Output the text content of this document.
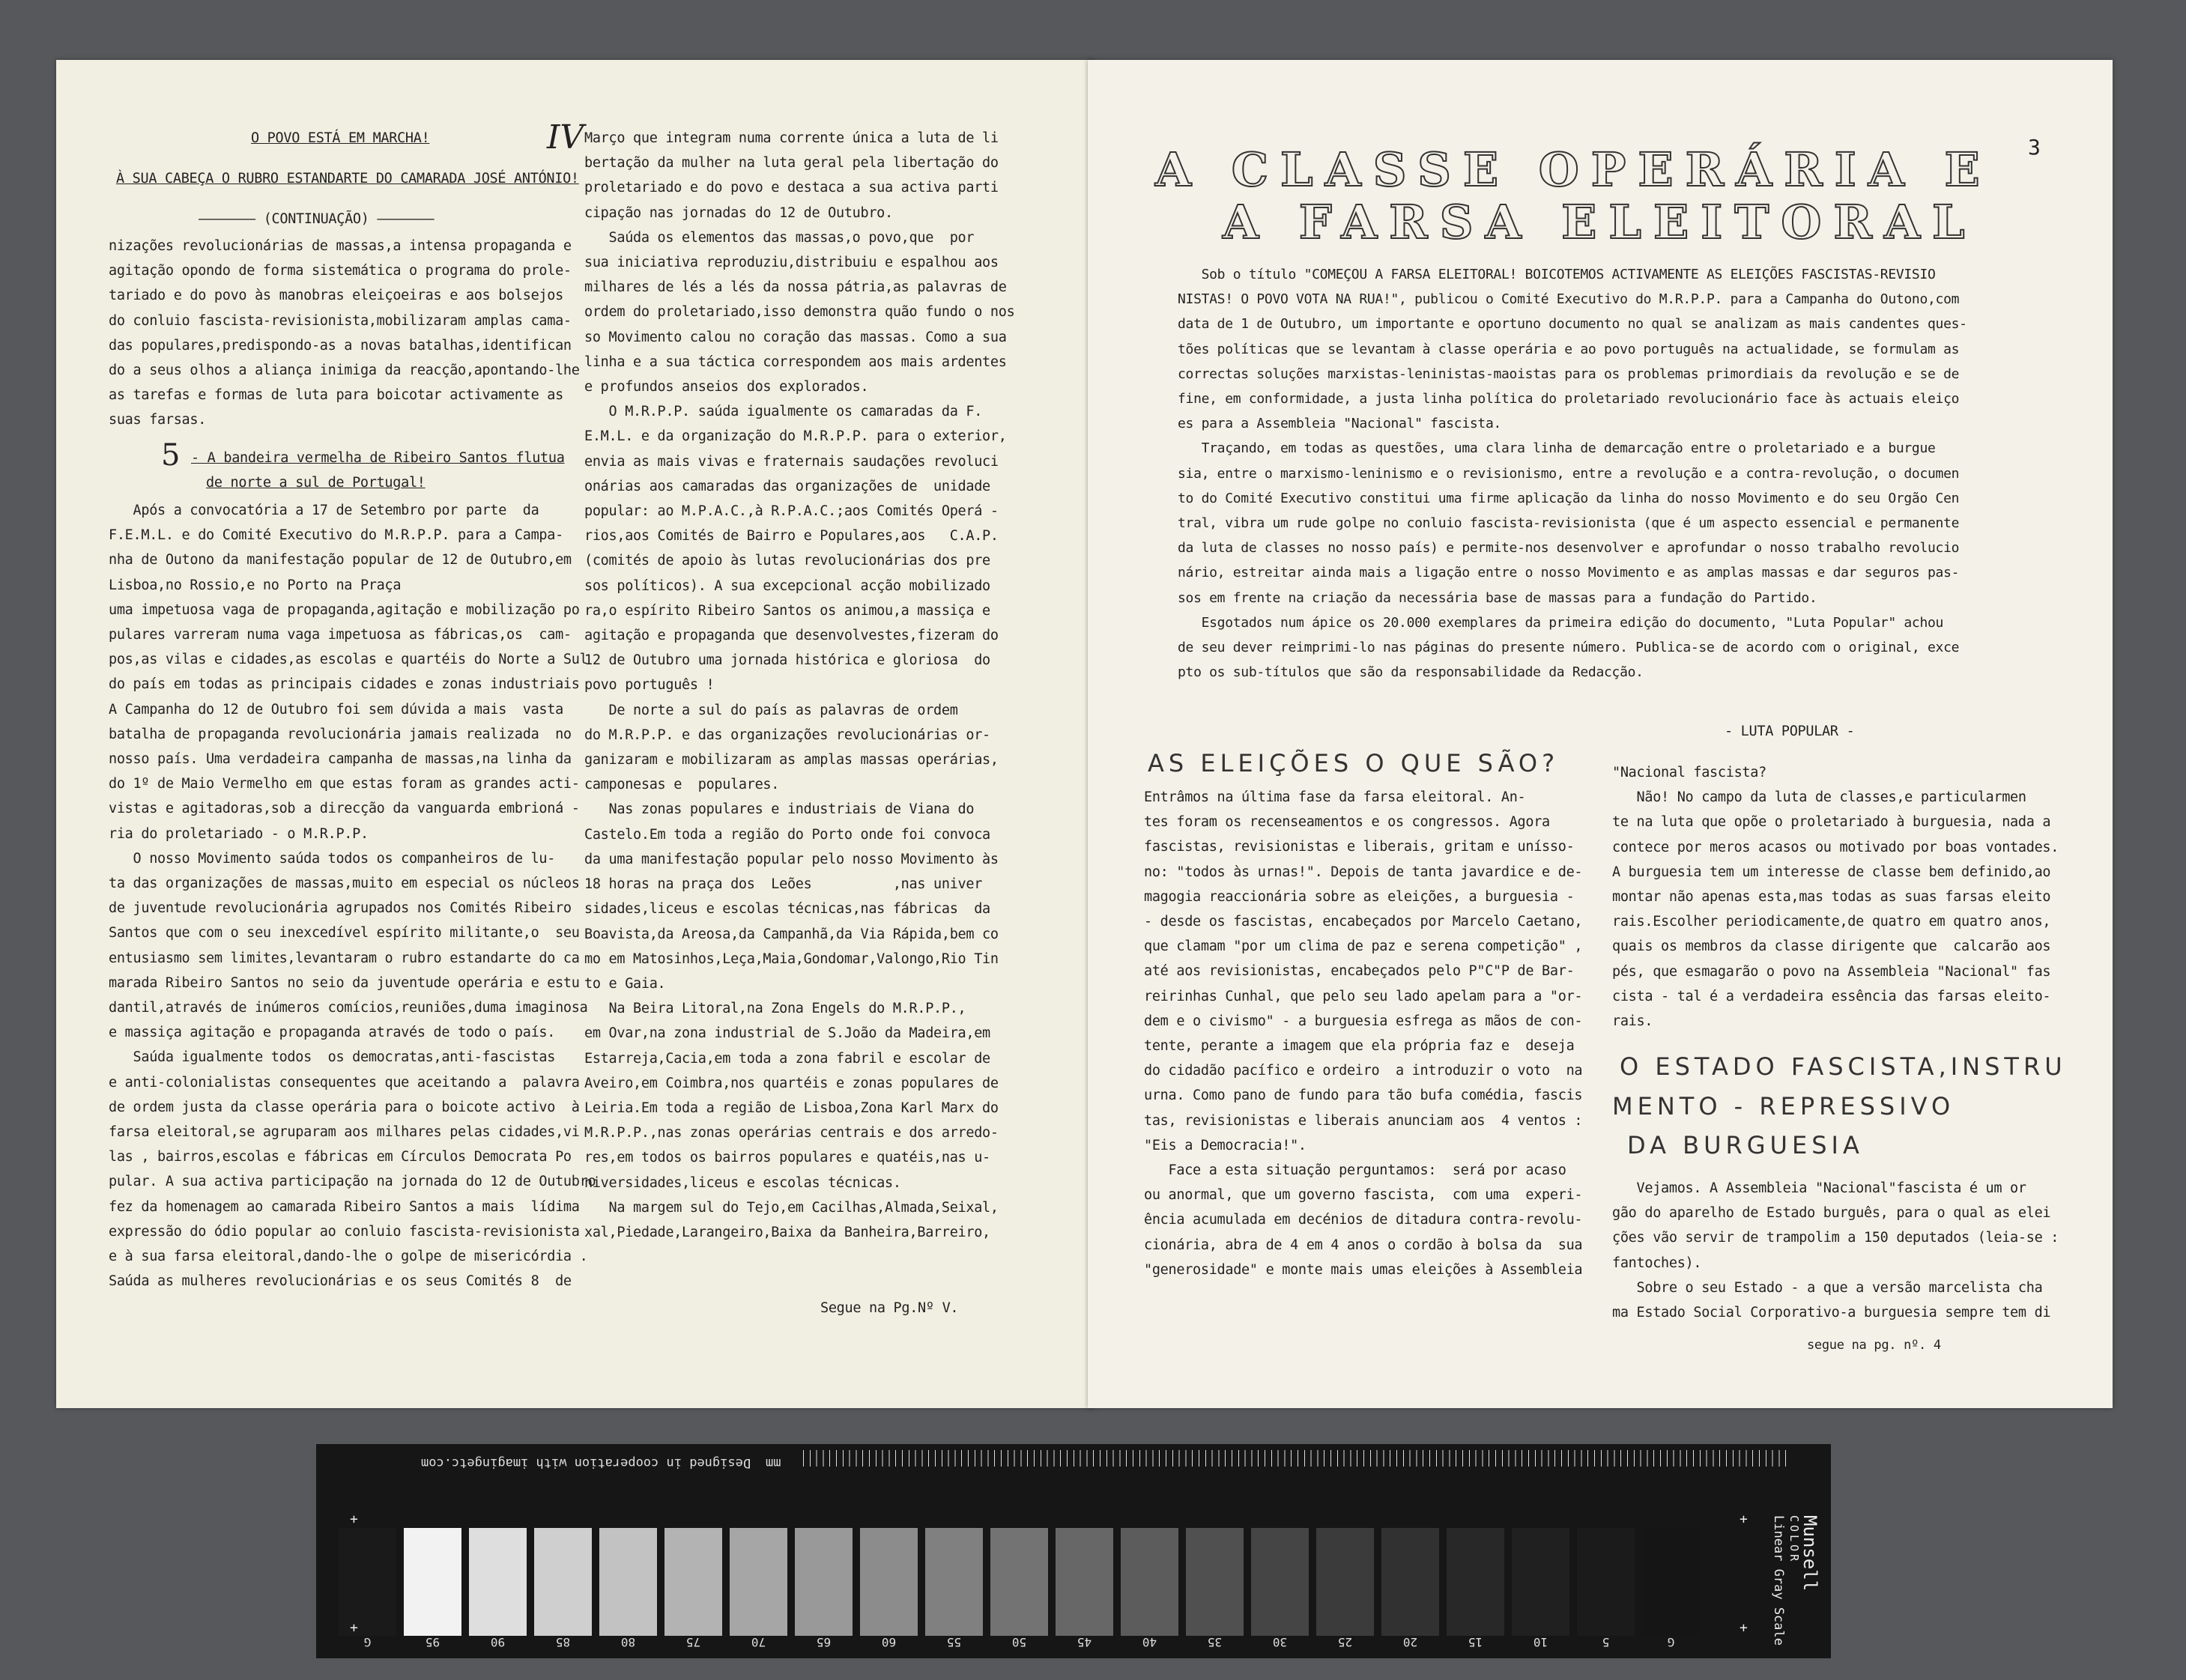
O POVO ESTÁ EM MARCHA!

À SUA CABEÇA O RUBRO ESTANDARTE DO CAMARADA JOSÉ ANTÓNIO!

——————— (CONTINUAÇÃO) ———————

nizações revolucionárias de massas,a intensa propaganda e

agitação opondo de forma sistemática o programa do prole-

tariado e do povo às manobras eleiçoeiras e aos bolsejos

do conluio fascista-revisionista,mobilizaram amplas cama-

das populares,predispondo-as a novas batalhas,identifican

do a seus olhos a aliança inimiga da reacção,apontando-lhe

as tarefas e formas de luta para boicotar activamente as

suas farsas.

5 - A bandeira vermelha de Ribeiro Santos flutua

de norte a sul de Portugal!

Após a convocatória a 17 de Setembro por parte  da

F.E.M.L. e do Comité Executivo do M.R.P.P. para a Campa-

nha de Outono da manifestação popular de 12 de Outubro,em

Lisboa,no Rossio,e no Porto na Praça

uma impetuosa vaga de propaganda,agitação e mobilização po

pulares varreram numa vaga impetuosa as fábricas,os  cam-

pos,as vilas e cidades,as escolas e quartéis do Norte a Sul

do país em todas as principais cidades e zonas industriais

A Campanha do 12 de Outubro foi sem dúvida a mais  vasta

batalha de propaganda revolucionária jamais realizada  no

nosso país. Uma verdadeira campanha de massas,na linha da

do 1º de Maio Vermelho em que estas foram as grandes acti-

vistas e agitadoras,sob a direcção da vanguarda embrioná -

ria do proletariado - o M.R.P.P.

O nosso Movimento saúda todos os companheiros de lu-

ta das organizações de massas,muito em especial os núcleos

de juventude revolucionária agrupados nos Comités Ribeiro

Santos que com o seu inexcedível espírito militante,o  seu

entusiasmo sem limites,levantaram o rubro estandarte do ca

marada Ribeiro Santos no seio da juventude operária e estu

dantil,através de inúmeros comícios,reuniões,duma imaginosa

e massiça agitação e propaganda através de todo o país.

Saúda igualmente todos  os democratas,anti-fascistas

e anti-colonialistas consequentes que aceitando a  palavra

de ordem justa da classe operária para o boicote activo  à

farsa eleitoral,se agruparam aos milhares pelas cidades,vi

las , bairros,escolas e fábricas em Círculos Democrata Po

pular. A sua activa participação na jornada do 12 de Outubro

fez da homenagem ao camarada Ribeiro Santos a mais  lídima

expressão do ódio popular ao conluio fascista-revisionista

e à sua farsa eleitoral,dando-lhe o golpe de misericórdia .

Saúda as mulheres revolucionárias e os seus Comités 8  de

IV Março que integram numa corrente única a luta de li

bertação da mulher na luta geral pela libertação do

proletariado e do povo e destaca a sua activa parti

cipação nas jornadas do 12 de Outubro.

Saúda os elementos das massas,o povo,que  por

sua iniciativa reproduziu,distribuiu e espalhou aos

milhares de lés a lés da nossa pátria,as palavras de

ordem do proletariado,isso demonstra quão fundo o nos

so Movimento calou no coração das massas. Como a sua

linha e a sua táctica correspondem aos mais ardentes

e profundos anseios dos explorados.

O M.R.P.P. saúda igualmente os camaradas da F.

E.M.L. e da organização do M.R.P.P. para o exterior,

envia as mais vivas e fraternais saudações revoluci

onárias aos camaradas das organizações de  unidade

popular: ao M.P.A.C.,à R.P.A.C.;aos Comités Operá -

rios,aos Comités de Bairro e Populares,aos   C.A.P.

(comités de apoio às lutas revolucionárias dos pre

sos políticos). A sua excepcional acção mobilizado

ra,o espírito Ribeiro Santos os animou,a massiça e

agitação e propaganda que desenvolvestes,fizeram do

12 de Outubro uma jornada histórica e gloriosa  do

povo português !

De norte a sul do país as palavras de ordem

do M.R.P.P. e das organizações revolucionárias or-

ganizaram e mobilizaram as amplas massas operárias,

camponesas e  populares.

Nas zonas populares e industriais de Viana do

Castelo.Em toda a região do Porto onde foi convoca

da uma manifestação popular pelo nosso Movimento às

18 horas na praça dos  Leões          ,nas univer

sidades,liceus e escolas técnicas,nas fábricas  da

Boavista,da Areosa,da Campanhã,da Via Rápida,bem co

mo em Matosinhos,Leça,Maia,Gondomar,Valongo,Rio Tin

to e Gaia.

Na Beira Litoral,na Zona Engels do M.R.P.P.,

em Ovar,na zona industrial de S.João da Madeira,em

Estarreja,Cacia,em toda a zona fabril e escolar de

Aveiro,em Coimbra,nos quartéis e zonas populares de

Leiria.Em toda a região de Lisboa,Zona Karl Marx do

M.R.P.P.,nas zonas operárias centrais e dos arredo-

res,em todos os bairros populares e quatéis,nas u-

niversidades,liceus e escolas técnicas.

Na margem sul do Tejo,em Cacilhas,Almada,Seixal,

xal,Piedade,Larangeiro,Baixa da Banheira,Barreiro,

Segue na Pg.Nº V.

3
A CLASSE OPERÁRIA E
A FARSA ELEITORAL

Sob o título "COMEÇOU A FARSA ELEITORAL! BOICOTEMOS ACTIVAMENTE AS ELEIÇÕES FASCISTAS-REVISIO

NISTAS! O POVO VOTA NA RUA!", publicou o Comité Executivo do M.R.P.P. para a Campanha do Outono,com

data de 1 de Outubro, um importante e oportuno documento no qual se analizam as mais candentes ques-

tões políticas que se levantam à classe operária e ao povo português na actualidade, se formulam as

correctas soluções marxistas-leninistas-maoistas para os problemas primordiais da revolução e se de

fine, em conformidade, a justa linha política do proletariado revolucionário face às actuais eleiço

es para a Assembleia "Nacional" fascista.

Traçando, em todas as questões, uma clara linha de demarcação entre o proletariado e a burgue

sia, entre o marxismo-leninismo e o revisionismo, entre a revolução e a contra-revolução, o documen

to do Comité Executivo constitui uma firme aplicação da linha do nosso Movimento e do seu Orgão Cen

tral, vibra um rude golpe no conluio fascista-revisionista (que é um aspecto essencial e permanente

da luta de classes no nosso país) e permite-nos desenvolver e aprofundar o nosso trabalho revolucio

nário, estreitar ainda mais a ligação entre o nosso Movimento e as amplas massas e dar seguros pas-

sos em frente na criação da necessária base de massas para a fundação do Partido.

Esgotados num ápice os 20.000 exemplares da primeira edição do documento, "Luta Popular" achou

de seu dever reimprimi-lo nas páginas do presente número. Publica-se de acordo com o original, exce

pto os sub-títulos que são da responsabilidade da Redacção.

- LUTA POPULAR -

AS ELEIÇÕES O QUE SÃO?

Entrâmos na última fase da farsa eleitoral. An-

tes foram os recenseamentos e os congressos. Agora

fascistas, revisionistas e liberais, gritam e unísso-

no: "todos às urnas!". Depois de tanta javardice e de-

magogia reaccionária sobre as eleições, a burguesia -

- desde os fascistas, encabeçados por Marcelo Caetano,

que clamam "por um clima de paz e serena competição" ,

até aos revisionistas, encabeçados pelo P"C"P de Bar-

reirinhas Cunhal, que pelo seu lado apelam para a "or-

dem e o civismo" - a burguesia esfrega as mãos de con-

tente, perante a imagem que ela própria faz e  deseja

do cidadão pacífico e ordeiro  a introduzir o voto  na

urna. Como pano de fundo para tão bufa comédia, fascis

tas, revisionistas e liberais anunciam aos  4 ventos :

"Eis a Democracia!".

Face a esta situação perguntamos:  será por acaso

ou anormal, que um governo fascista,  com uma  experi-

ência acumulada em decénios de ditadura contra-revolu-

cionária, abra de 4 em 4 anos o cordão à bolsa da  sua

"generosidade" e monte mais umas eleições à Assembleia

"Nacional fascista?

Não! No campo da luta de classes,e particularmen

te na luta que opõe o proletariado à burguesia, nada a

contece por meros acasos ou motivado por boas vontades.

A burguesia tem um interesse de classe bem definido,ao

montar não apenas esta,mas todas as suas farsas eleito

rais.Escolher periodicamente,de quatro em quatro anos,

quais os membros da classe dirigente que  calcarão aos

pés, que esmagarão o povo na Assembleia "Nacional" fas

cista - tal é a verdadeira essência das farsas eleito-

rais.

O ESTADO FASCISTA,INSTRU
MENTO - REPRESSIVO
DA BURGUESIA

Vejamos. A Assembleia "Nacional"fascista é um or

gão do aparelho de Estado burguês, para o qual as elei

ções vão servir de trampolim a 150 deputados (leia-se :

fantoches).

Sobre o seu Estado - a que a versão marcelista cha

ma Estado Social Corporativo-a burguesia sempre tem di

segue na pg. nº. 4

Designed in cooperation with imagingetc.com mm
G	95	90	85	80	75	70	65	60	55	50	45	40	35	30	25	20	15	10	5	G
Munsell
COLOR
Linear Gray Scale
+
+
+
+
